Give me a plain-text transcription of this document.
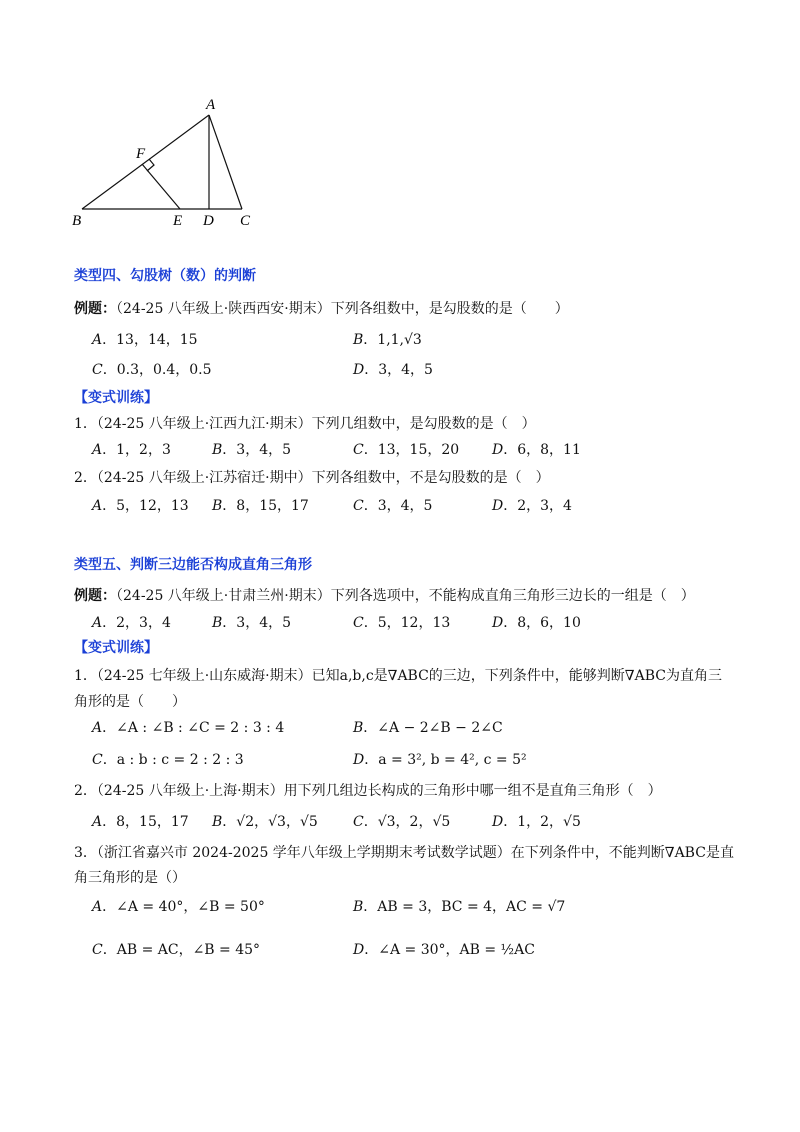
A
F
B	E D C
类型四、勾股树（数）的判断
例题：（24-25 八年级上·陕西西安·期末）下列各组数中，是勾股数的是（　　）
A．13，14，15	B．1,1,√3
C．0.3，0.4，0.5	D．3，4，5
【变式训练】
1．（24-25 八年级上·江西九江·期末）下列几组数中，是勾股数的是（　）
A．1，2，3	B．3，4，5	C．13，15，20 D．6，8，11
2．（24-25 八年级上·江苏宿迁·期中）下列各组数中，不是勾股数的是（　）
A．5，12，13 B．8，15，17	C．3，4，5	D．2，3，4
类型五、判断三边能否构成直角三角形
例题：（24-25 八年级上·甘肃兰州·期末）下列各选项中，不能构成直角三角形三边长的一组是（　）
A．2，3，4	B．3，4，5	C．5，12，13	D．8，6，10
【变式训练】
1．（24-25 七年级上·山东威海·期末）已知a,b,c是∇ABC的三边，下列条件中，能够判断∇ABC为直角三
角形的是（　　）
A．∠A : ∠B : ∠C = 2 : 3 : 4	B．∠A − 2∠B − 2∠C
C．a : b : c = 2 : 2 : 3	D．a = 3², b = 4², c = 5²
2．（24-25 八年级上·上海·期末）用下列几组边长构成的三角形中哪一组不是直角三角形（　）
A．8，15，17 B．√2，√3，√5	C．√3，2，√5	D．1，2，√5
3．（浙江省嘉兴市 2024-2025 学年八年级上学期期末考试数学试题）在下列条件中，不能判断∇ABC是直
角三角形的是（）
A．∠A = 40°，∠B = 50°	B．AB = 3，BC = 4，AC = √7
C．AB = AC，∠B = 45°	D．∠A = 30°，AB = ½AC
